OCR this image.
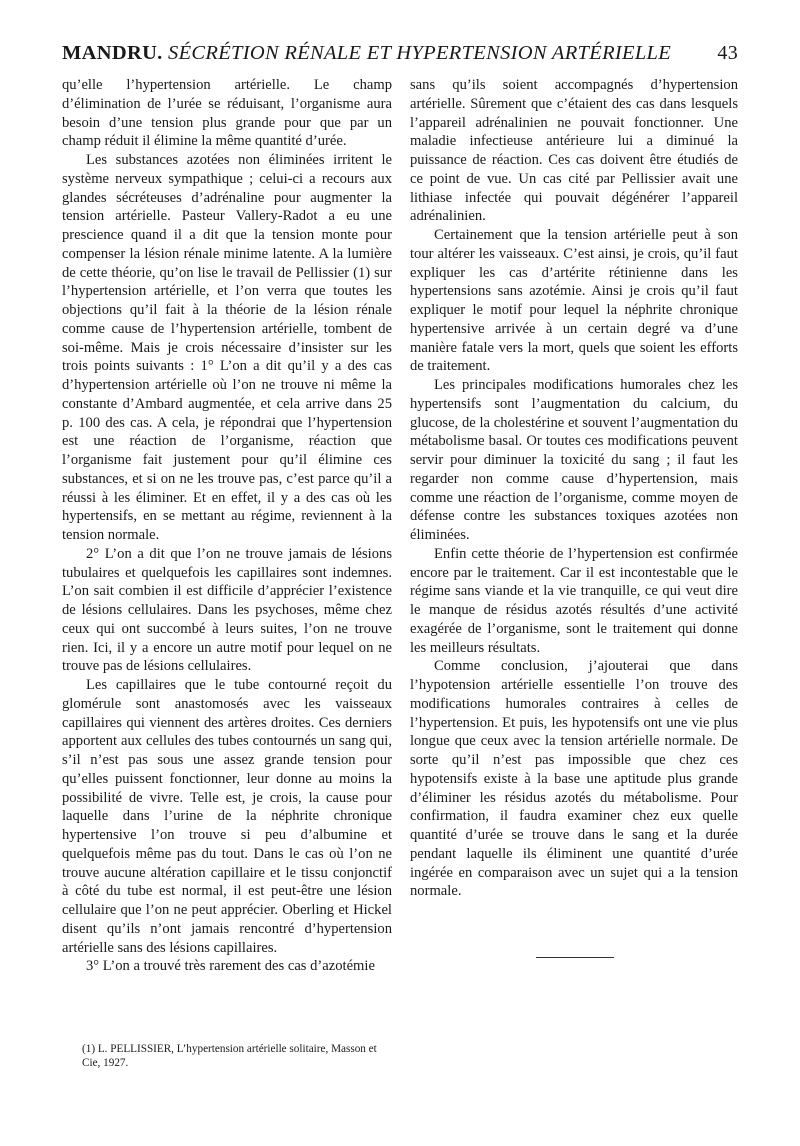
MANDRU. SÉCRÉTION RÉNALE ET HYPERTENSION ARTÉRIELLE 43

qu’elle l’hypertension artérielle. Le champ d’élimination de l’urée se réduisant, l’organisme aura besoin d’une tension plus grande pour que par un champ réduit il élimine la même quantité d’urée.

Les substances azotées non éliminées irritent le système nerveux sympathique ; celui-ci a recours aux glandes sécréteuses d’adrénaline pour augmenter la tension artérielle. Pasteur Vallery-Radot a eu une prescience quand il a dit que la tension monte pour compenser la lésion rénale minime latente. A la lumière de cette théorie, qu’on lise le travail de Pellissier (1) sur l’hypertension artérielle, et l’on verra que toutes les objections qu’il fait à la théorie de la lésion rénale comme cause de l’hypertension artérielle, tombent de soi-même. Mais je crois nécessaire d’insister sur les trois points suivants : 1° L’on a dit qu’il y a des cas d’hypertension artérielle où l’on ne trouve ni même la constante d’Ambard augmentée, et cela arrive dans 25 p. 100 des cas. A cela, je répondrai que l’hypertension est une réaction de l’organisme, réaction que l’organisme fait justement pour qu’il élimine ces substances, et si on ne les trouve pas, c’est parce qu’il a réussi à les éliminer. Et en effet, il y a des cas où les hypertensifs, en se mettant au régime, reviennent à la tension normale.

2° L’on a dit que l’on ne trouve jamais de lésions tubulaires et quelquefois les capillaires sont indemnes. L’on sait combien il est difficile d’apprécier l’existence de lésions cellulaires. Dans les psychoses, même chez ceux qui ont succombé à leurs suites, l’on ne trouve rien. Ici, il y a encore un autre motif pour lequel on ne trouve pas de lésions cellulaires.

Les capillaires que le tube contourné reçoit du glomérule sont anastomosés avec les vaisseaux capillaires qui viennent des artères droites. Ces derniers apportent aux cellules des tubes contournés un sang qui, s’il n’est pas sous une assez grande tension pour qu’elles puissent fonctionner, leur donne au moins la possibilité de vivre. Telle est, je crois, la cause pour laquelle dans l’urine de la néphrite chronique hypertensive l’on trouve si peu d’albumine et quelquefois même pas du tout. Dans le cas où l’on ne trouve aucune altération capillaire et le tissu conjonctif à côté du tube est normal, il est peut-être une lésion cellulaire que l’on ne peut apprécier. Oberling et Hickel disent qu’ils n’ont jamais rencontré d’hypertension artérielle sans des lésions capillaires.

3° L’on a trouvé très rarement des cas d’azotémie

sans qu’ils soient accompagnés d’hypertension artérielle. Sûrement que c’étaient des cas dans lesquels l’appareil adrénalinien ne pouvait fonctionner. Une maladie infectieuse antérieure lui a diminué la puissance de réaction. Ces cas doivent être étudiés de ce point de vue. Un cas cité par Pellissier avait une lithiase infectée qui pouvait dégénérer l’appareil adrénalinien.

Certainement que la tension artérielle peut à son tour altérer les vaisseaux. C’est ainsi, je crois, qu’il faut expliquer les cas d’artérite rétinienne dans les hypertensions sans azotémie. Ainsi je crois qu’il faut expliquer le motif pour lequel la néphrite chronique hypertensive arrivée à un certain degré va d’une manière fatale vers la mort, quels que soient les efforts de traitement.

Les principales modifications humorales chez les hypertensifs sont l’augmentation du calcium, du glucose, de la cholestérine et souvent l’augmentation du métabolisme basal. Or toutes ces modifications peuvent servir pour diminuer la toxicité du sang ; il faut les regarder non comme cause d’hypertension, mais comme une réaction de l’organisme, comme moyen de défense contre les substances toxiques azotées non éliminées.

Enfin cette théorie de l’hypertension est confirmée encore par le traitement. Car il est incontestable que le régime sans viande et la vie tranquille, ce qui veut dire le manque de résidus azotés résultés d’une activité exagérée de l’organisme, sont le traitement qui donne les meilleurs résultats.

Comme conclusion, j’ajouterai que dans l’hypotension artérielle essentielle l’on trouve des modifications humorales contraires à celles de l’hypertension. Et puis, les hypotensifs ont une vie plus longue que ceux avec la tension artérielle normale. De sorte qu’il n’est pas impossible que chez ces hypotensifs existe à la base une aptitude plus grande d’éliminer les résidus azotés du métabolisme. Pour confirmation, il faudra examiner chez eux quelle quantité d’urée se trouve dans le sang et la durée pendant laquelle ils éliminent une quantité d’urée ingérée en comparaison avec un sujet qui a la tension normale.

(1) L. PELLISSIER, L’hypertension artérielle solitaire, Masson et Cie, 1927.
